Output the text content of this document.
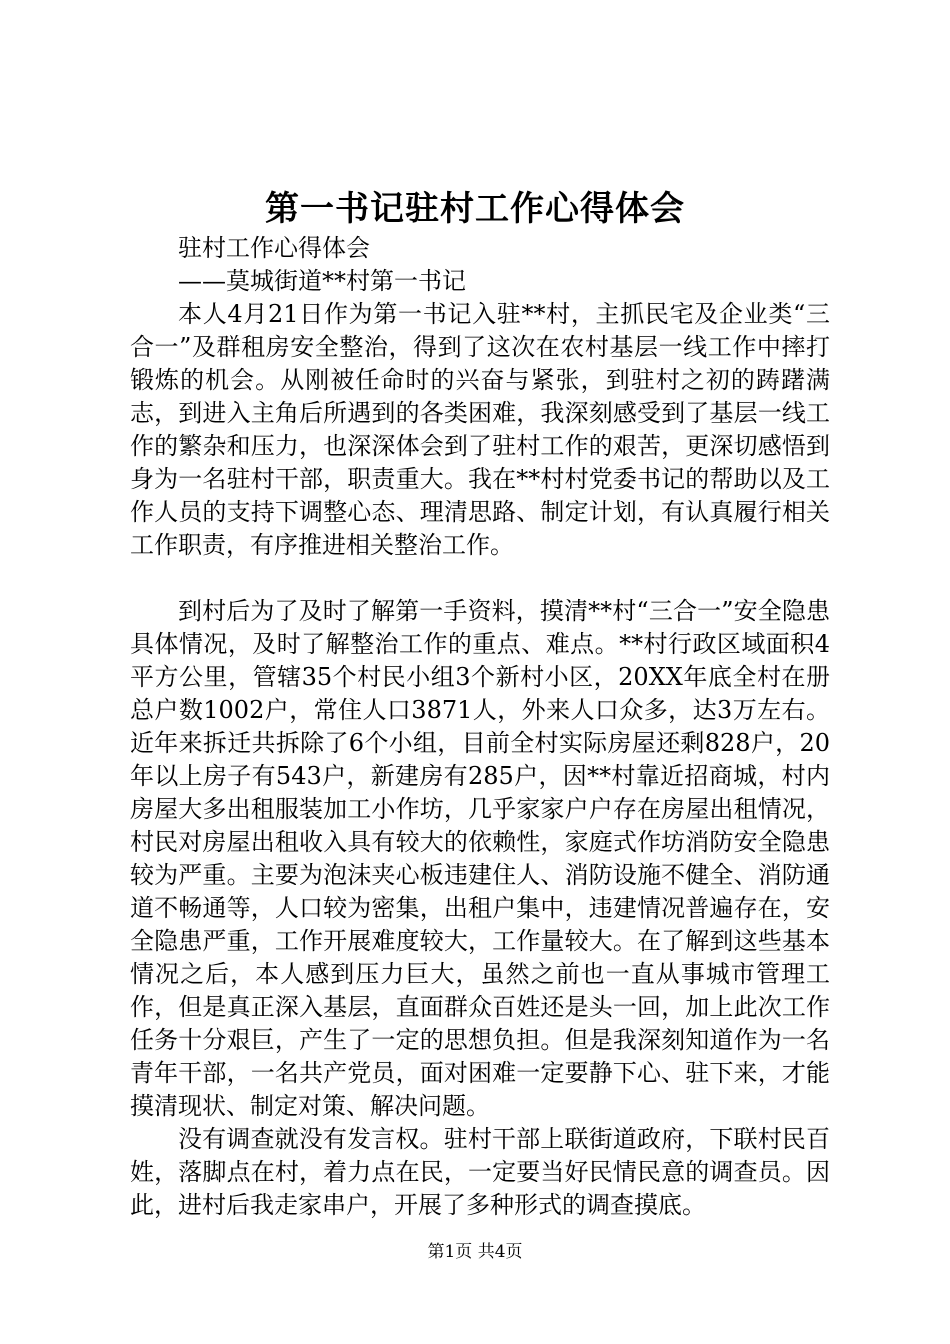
第一书记驻村工作心得体会

驻村工作心得体会

——莫城街道**村第一书记

本人4月21日作为第一书记入驻**村，主抓民宅及企业类“三合一”及群租房安全整治，得到了这次在农村基层一线工作中摔打锻炼的机会。从刚被任命时的兴奋与紧张，到驻村之初的踌躇满志，到进入主角后所遇到的各类困难，我深刻感受到了基层一线工作的繁杂和压力，也深深体会到了驻村工作的艰苦，更深切感悟到身为一名驻村干部，职责重大。我在**村村党委书记的帮助以及工作人员的支持下调整心态、理清思路、制定计划，有认真履行相关工作职责，有序推进相关整治工作。

到村后为了及时了解第一手资料，摸清**村“三合一”安全隐患具体情况，及时了解整治工作的重点、难点。**村行政区域面积4平方公里，管辖35个村民小组3个新村小区，20XX年底全村在册总户数1002户，常住人口3871人，外来人口众多，达3万左右。近年来拆迁共拆除了6个小组，目前全村实际房屋还剩828户，20年以上房子有543户，新建房有285户，因**村靠近招商城，村内房屋大多出租服装加工小作坊，几乎家家户户存在房屋出租情况，村民对房屋出租收入具有较大的依赖性，家庭式作坊消防安全隐患较为严重。主要为泡沫夹心板违建住人、消防设施不健全、消防通道不畅通等，人口较为密集，出租户集中，违建情况普遍存在，安全隐患严重，工作开展难度较大，工作量较大。在了解到这些基本情况之后，本人感到压力巨大，虽然之前也一直从事城市管理工作，但是真正深入基层，直面群众百姓还是头一回，加上此次工作任务十分艰巨，产生了一定的思想负担。但是我深刻知道作为一名青年干部，一名共产党员，面对困难一定要静下心、驻下来，才能摸清现状、制定对策、解决问题。

没有调查就没有发言权。驻村干部上联街道政府，下联村民百姓，落脚点在村，着力点在民，一定要当好民情民意的调查员。因此，进村后我走家串户，开展了多种形式的调查摸底。

第1页 共4页
